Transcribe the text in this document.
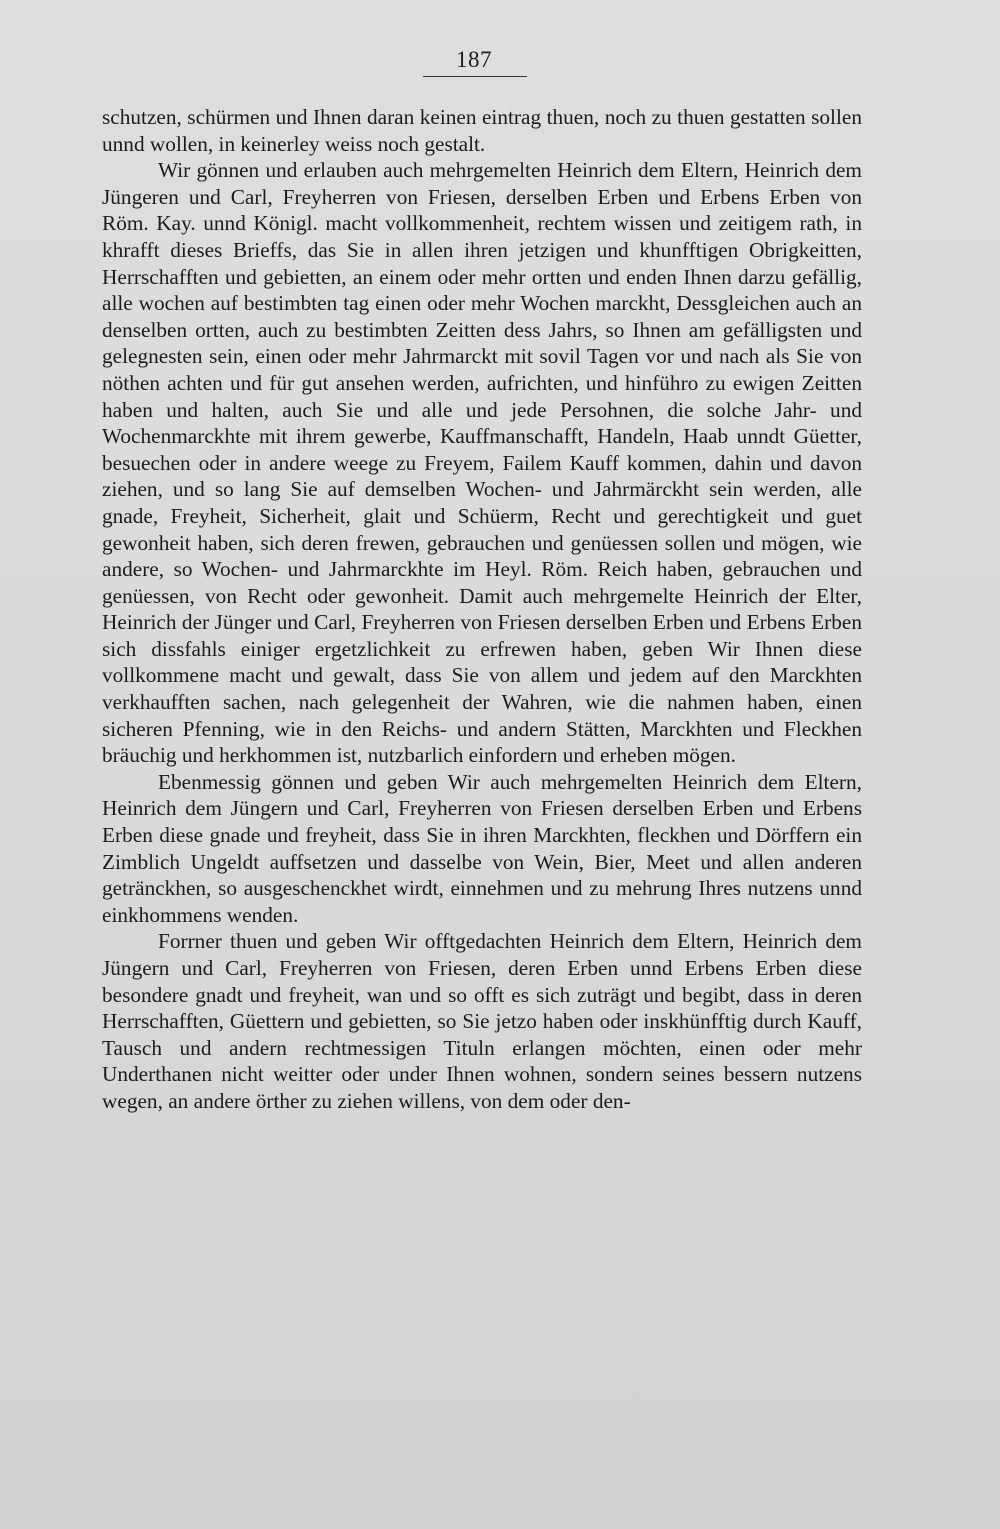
187

schutzen, schürmen und Ihnen daran keinen eintrag thuen, noch zu thuen gestatten sollen unnd wollen, in keinerley weiss noch gestalt.

Wir gönnen und erlauben auch mehrgemelten Heinrich dem Eltern, Heinrich dem Jüngeren und Carl, Freyherren von Friesen, derselben Erben und Erbens Erben von Röm. Kay. unnd Königl. macht vollkommenheit, rechtem wissen und zeitigem rath, in khrafft dieses Brieffs, das Sie in allen ihren jetzigen und khunfftigen Obrigkeitten, Herrschafften und gebietten, an einem oder mehr ortten und enden Ihnen darzu gefällig, alle wochen auf bestimbten tag einen oder mehr Wochen marckht, Dessgleichen auch an denselben ortten, auch zu bestimbten Zeitten dess Jahrs, so Ihnen am gefälligsten und gelegnesten sein, einen oder mehr Jahrmarckt mit sovil Tagen vor und nach als Sie von nöthen achten und für gut ansehen werden, aufrichten, und hinführo zu ewigen Zeitten haben und halten, auch Sie und alle und jede Persohnen, die solche Jahr- und Wochenmarckhte mit ihrem gewerbe, Kauffmanschafft, Handeln, Haab unndt Güetter, besuechen oder in andere weege zu Freyem, Failem Kauff kommen, dahin und davon ziehen, und so lang Sie auf demselben Wochen- und Jahrmärckht sein werden, alle gnade, Freyheit, Sicherheit, glait und Schüerm, Recht und gerechtigkeit und guet gewonheit haben, sich deren frewen, gebrauchen und genüessen sollen und mögen, wie andere, so Wochen- und Jahrmarckhte im Heyl. Röm. Reich haben, gebrauchen und genüessen, von Recht oder gewonheit. Damit auch mehrgemelte Heinrich der Elter, Heinrich der Jünger und Carl, Freyherren von Friesen derselben Erben und Erbens Erben sich dissfahls einiger ergetzlichkeit zu erfrewen haben, geben Wir Ihnen diese vollkommene macht und gewalt, dass Sie von allem und jedem auf den Marckhten verkhaufften sachen, nach gelegenheit der Wahren, wie die nahmen haben, einen sicheren Pfenning, wie in den Reichs- und andern Stätten, Marckhten und Fleckhen bräuchig und herkhommen ist, nutzbarlich einfordern und erheben mögen.

Ebenmessig gönnen und geben Wir auch mehrgemelten Heinrich dem Eltern, Heinrich dem Jüngern und Carl, Freyherren von Friesen derselben Erben und Erbens Erben diese gnade und freyheit, dass Sie in ihren Marckhten, fleckhen und Dörffern ein Zimblich Ungeldt auffsetzen und dasselbe von Wein, Bier, Meet und allen anderen getränckhen, so ausgeschenckhet wirdt, einnehmen und zu mehrung Ihres nutzens unnd einkhommens wenden.

Forrner thuen und geben Wir offtgedachten Heinrich dem Eltern, Heinrich dem Jüngern und Carl, Freyherren von Friesen, deren Erben unnd Erbens Erben diese besondere gnadt und freyheit, wan und so offt es sich zuträgt und begibt, dass in deren Herrschafften, Güettern und gebietten, so Sie jetzo haben oder inskhünfftig durch Kauff, Tausch und andern rechtmessigen Tituln erlangen möchten, einen oder mehr Underthanen nicht weitter oder under Ihnen wohnen, sondern seines bessern nutzens wegen, an andere örther zu ziehen willens, von dem oder den-
